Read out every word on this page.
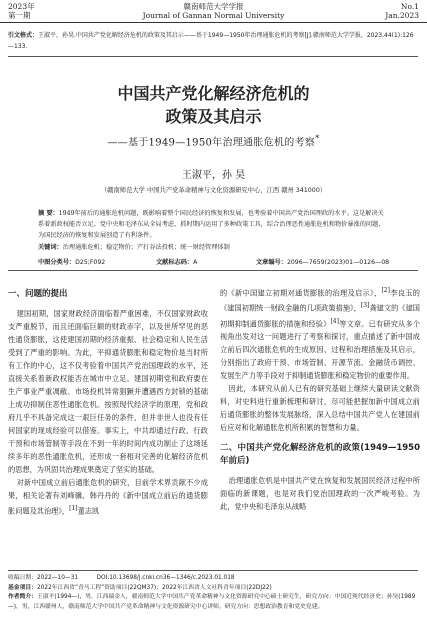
2023年
第一期
赣南师范大学学报
Journal of Gannan Normal University
No.1
Jan.2023
引文格式：王淑平，孙昊.中国共产党化解经济危机的政策及其启示——基于1949—1950年治理通胀危机的考察[J].赣南师范大学学报，2023,44(1):126—133.
中国共产党化解经济危机的
政策及其启示
——基于1949—1950年治理通胀危机的考察*
王淑平，孙 昊
（赣南师范大学 中国共产党革命精神与文化资源研究中心，江西 赣州 341000）
摘 要：1949年前后的通胀危机问题，既影响着整个国民经济的恢复和发展，也考验着中国共产党治国理政的水平。这是解决关系着新政权能否立足。党中央和毛泽东从全局考虑，抓时期内运用了多种政策工具，综合治理恶性通胀危机和物价暴涨的问题，为国民经济的恢复和发展创造了有利条件。
关键词：治理通胀危机；稳定物价；产打谷法投机；统一财经管理体制
中图分类号：D25;F092	文献标志码：A	文章编号：2096—7659(2023)01—0126—08
一、问题的提出

建国初期，国家财政经济面临着严重困难，不仅国家财政收支严重脱节，而且还面临巨额的财政赤字，以及世所罕见的恶性通货膨胀，这使建国初期的经济重振、社会稳定和人民生活受到了严重的影响。为此，平抑通货膨胀和稳定物价是当时所有工作的中心，这不仅考验着中国共产党治国理政的水平，还直接关系着新政权能否在城市中立足。建国初期党和政府要在生产事业严重凋敝、市场投机异常猖獗并遭遇西方封锁的基础上成功抑制住恶性通胀危机。按照现代经济学的原理，党和政府几乎不具备完成这一艰巨任务的条件，但并非世人也没有任何国家的现成经验可以借鉴。事实上，中共却通过行政、行政干预和市场管制等手段在不到一年的时间内成功制止了这场延续多年的恶性通胀危机，还形成一套相对完善的化解经济危机的思想，为巩固共治理成果奠定了坚实的基础。

对新中国成立前后通胀危机的研究，目前学术界贡献不少成果，相关论著有刘峰骥、韩丹丹的《新中国成立前后的通货膨胀问题及其治理》，[1]董志凯

的《新中国建立初期对通货膨胀的治理及启示》，[2]李良玉的《建国初期统一财政金融的几项政策措施》，[3]龚建文的《建国初期抑制通货膨胀的措施和经验》[4]等文章。已有研究从多个视角出发对这一问题进行了考察和探讨，重点描述了新中国成立前后四次通胀危机的生成原因、过程和治理措施及其启示，分别指出了政府干预、市场管制、开源节流、金融货币调控、发展生产力等手段对于抑制通货膨胀和稳定物价的重要作用。

因此，本研究从前人已有的研究基础上继续大量研读文献资料，对史料进行重新梳理和研讨，尽可能把握加新中国成立前后通货膨胀的整体发展脉络，深入总结中国共产党人在建国前后应对和化解通胀危机所积累的智慧和力量。

二、中国共产党化解经济危机的政策(1949—1950年前后)

治理通胀危机是中国共产党在恢复和发展国民经济过程中所面临的新课题，也是对我们党治国理政的一次严峻考验。为此，党中央和毛泽东从战略

收稿日期：2022—10—31	DOI:10.13698/j.cnki.cn36—1346/c.2023.01.018
基金项目：2022年江西省“青马工程”资助项目(22QM37)；2022年江西省人文社科青年项目(22DJ22)
作者简介：王淑平(1994—)，男，江西瑞金人，赣南师范大学中国共产党革命精神与文化资源研究中心硕士研究生，研究方向：中国近现代经济史；孙昊(1989—)，男，江西赣州人，赣南师范大学中国共产党革命精神与文化资源研究中心讲师，研究方向：思想政治教育和党史党建。
